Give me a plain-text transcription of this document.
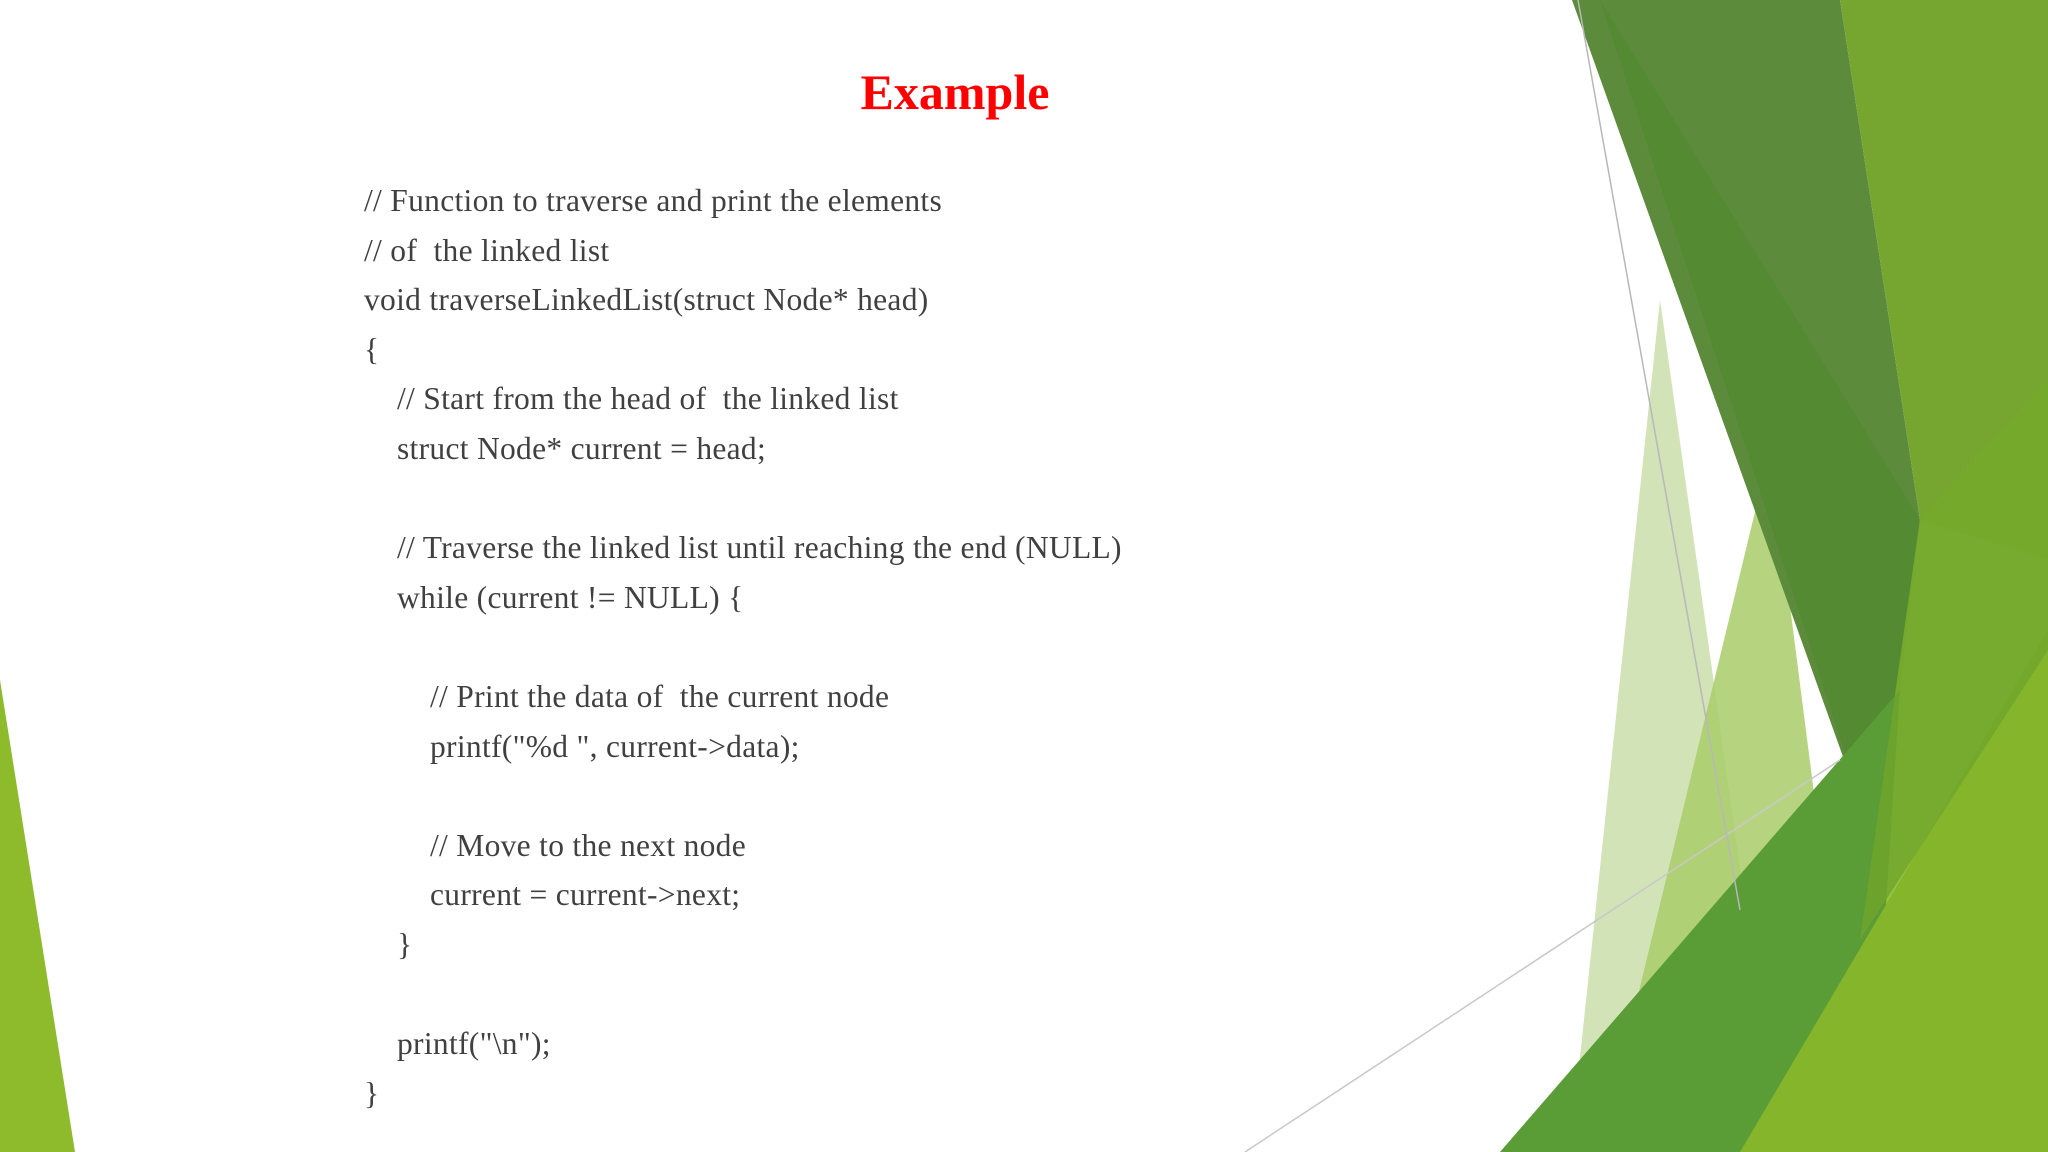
Example
// Function to traverse and print the elements
// of  the linked list
void traverseLinkedList(struct Node* head)
{
// Start from the head of  the linked list
struct Node* current = head;
// Traverse the linked list until reaching the end (NULL)
while (current != NULL) {
// Print the data of  the current node
printf("%d ", current->data);
// Move to the next node
current = current->next;
}
printf("\n");
}
